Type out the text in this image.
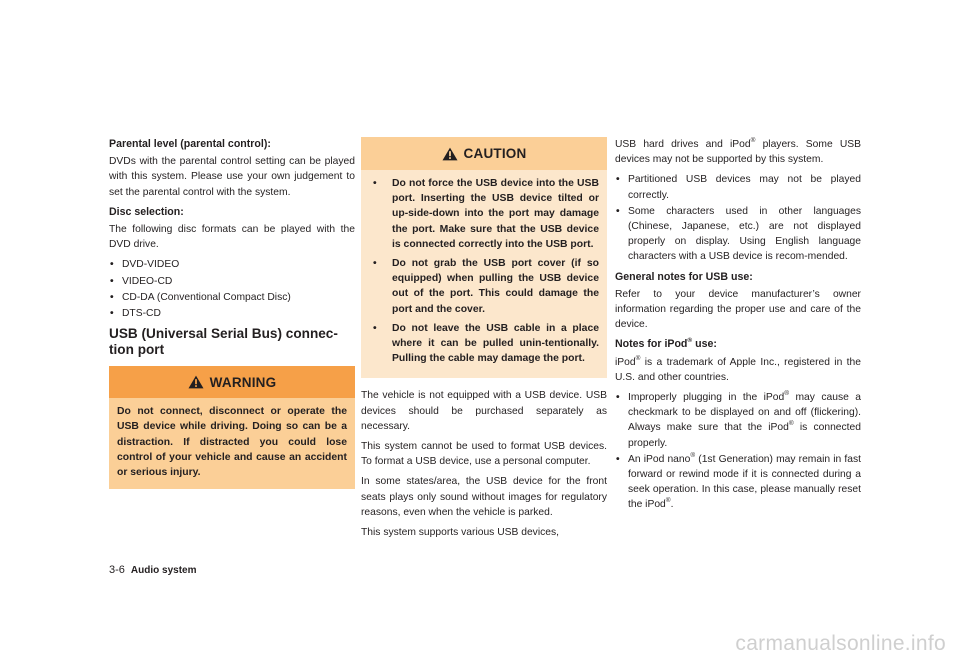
Parental level (parental control):

DVDs with the parental control setting can be played with this system. Please use your own judgement to set the parental control with the system.

Disc selection:

The following disc formats can be played with the DVD drive.

• DVD-VIDEO
• VIDEO-CD
• CD-DA (Conventional Compact Disc)
• DTS-CD
USB (Universal Serial Bus) connec-tion port
WARNING
Do not connect, disconnect or operate the USB device while driving. Doing so can be a distraction. If distracted you could lose control of your vehicle and cause an accident or serious injury.
CAUTION
• Do not force the USB device into the USB port. Inserting the USB device tilted or up-side-down into the port may damage the port. Make sure that the USB device is connected correctly into the USB port.
• Do not grab the USB port cover (if so equipped) when pulling the USB device out of the port. This could damage the port and the cover.
• Do not leave the USB cable in a place where it can be pulled unin-tentionally. Pulling the cable may damage the port.

The vehicle is not equipped with a USB device. USB devices should be purchased separately as necessary.

This system cannot be used to format USB devices. To format a USB device, use a personal computer.

In some states/area, the USB device for the front seats plays only sound without images for regulatory reasons, even when the vehicle is parked.

This system supports various USB devices,

USB hard drives and iPod® players. Some USB devices may not be supported by this system.

• Partitioned USB devices may not be played correctly.
• Some characters used in other languages (Chinese, Japanese, etc.) are not displayed properly on display. Using English language characters with a USB device is recom-mended.
General notes for USB use:

Refer to your device manufacturer’s owner information regarding the proper use and care of the device.

Notes for iPod® use:

iPod® is a trademark of Apple Inc., registered in the U.S. and other countries.

• Improperly plugging in the iPod® may cause a checkmark to be displayed on and off (flickering). Always make sure that the iPod® is connected properly.
• An iPod nano® (1st Generation) may remain in fast forward or rewind mode if it is connected during a seek operation. In this case, please manually reset the iPod®.
3-6 Audio system
carmanualsonline.info
